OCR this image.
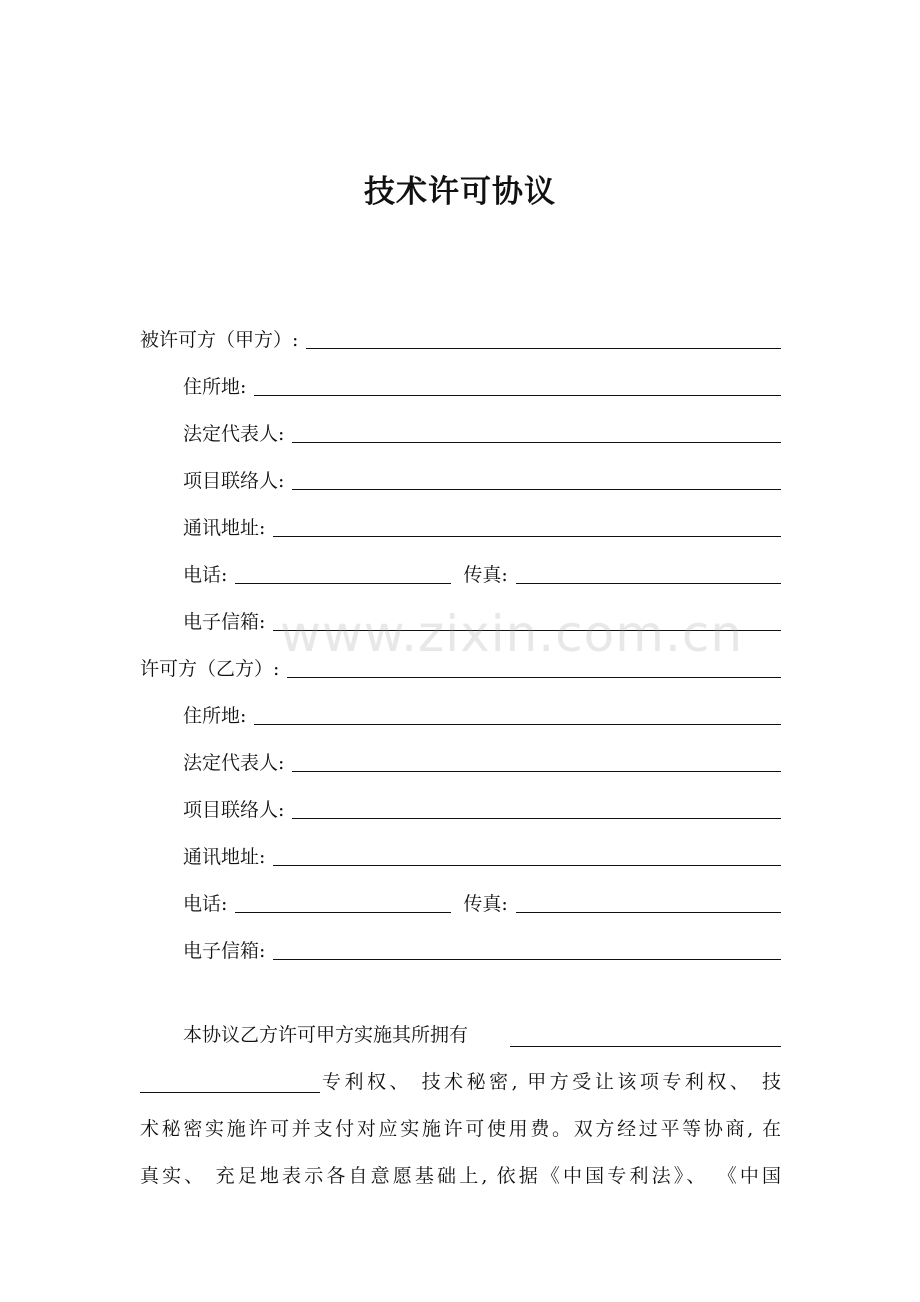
技术许可协议
被许可方（甲方）:
住所地:
法定代表人:
项目联络人:
通讯地址:
电话:	传真:
电子信箱:
许可方（乙方）:
住所地:
法定代表人:
项目联络人:
通讯地址:
电话:	传真:
电子信箱:
本协议乙方许可甲方实施其所拥有
专利权、 技术秘密, 甲方受让该项专利权、 技
术秘密实施许可并支付对应实施许可使用费。双方经过平等协商, 在
真实、 充足地表示各自意愿基础上, 依据《中国专利法》、 《中国
www.zixin.com.cn
